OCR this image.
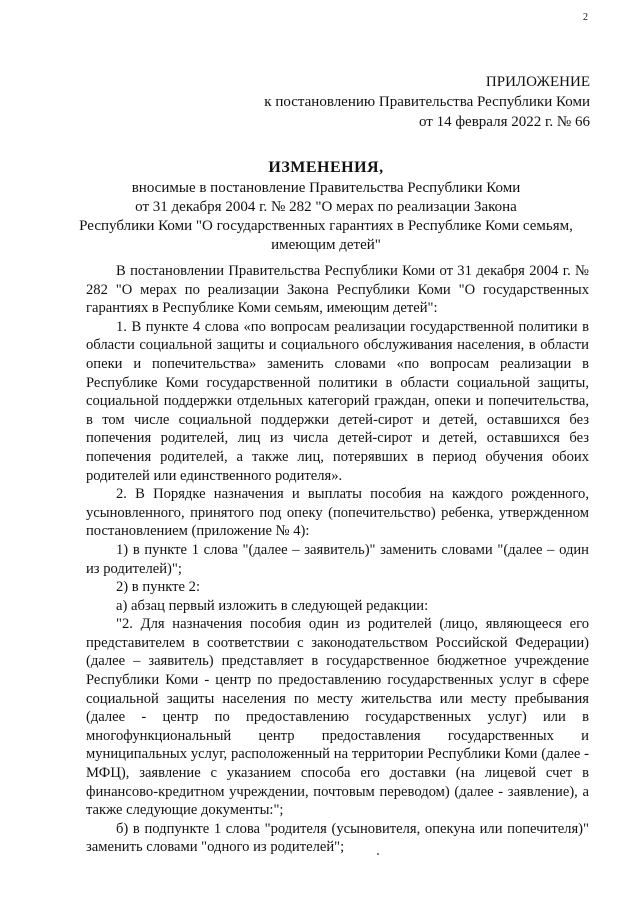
2
ПРИЛОЖЕНИЕ
к постановлению Правительства Республики Коми
от 14 февраля 2022 г. № 66
ИЗМЕНЕНИЯ,
вносимые в постановление Правительства Республики Коми
от 31 декабря 2004 г. № 282 "О мерах по реализации Закона
Республики Коми "О государственных гарантиях в Республике Коми семьям,
имеющим детей"

В постановлении Правительства Республики Коми от 31 декабря 2004 г. № 282 "О мерах по реализации Закона Республики Коми "О государственных гарантиях в Республике Коми семьям, имеющим детей":

1. В пункте 4 слова «по вопросам реализации государственной политики в области социальной защиты и социального обслуживания населения, в области опеки и попечительства» заменить словами «по вопросам реализации в Республике Коми государственной политики в области социальной защиты, социальной поддержки отдельных категорий граждан, опеки и попечительства, в том числе социальной поддержки детей-сирот и детей, оставшихся без попечения родителей, лиц из числа детей-сирот и детей, оставшихся без попечения родителей, а также лиц, потерявших в период обучения обоих родителей или единственного родителя».

2. В Порядке назначения и выплаты пособия на каждого рожденного, усыновленного, принятого под опеку (попечительство) ребенка, утвержденном постановлением (приложение № 4):

1) в пункте 1 слова "(далее – заявитель)" заменить словами "(далее – один из родителей)";

2) в пункте 2:

а) абзац первый изложить в следующей редакции:

"2. Для назначения пособия один из родителей (лицо, являющееся его представителем в соответствии с законодательством Российской Федерации) (далее – заявитель) представляет в государственное бюджетное учреждение Республики Коми - центр по предоставлению государственных услуг в сфере социальной защиты населения по месту жительства или месту пребывания (далее - центр по предоставлению государственных услуг) или в многофункциональный центр предоставления государственных и муниципальных услуг, расположенный на территории Республики Коми (далее - МФЦ), заявление с указанием способа его доставки (на лицевой счет в финансово-кредитном учреждении, почтовым переводом) (далее - заявление), а также следующие документы:";

б) в подпункте 1 слова "родителя (усыновителя, опекуна или попечителя)" заменить словами "одного из родителей";
